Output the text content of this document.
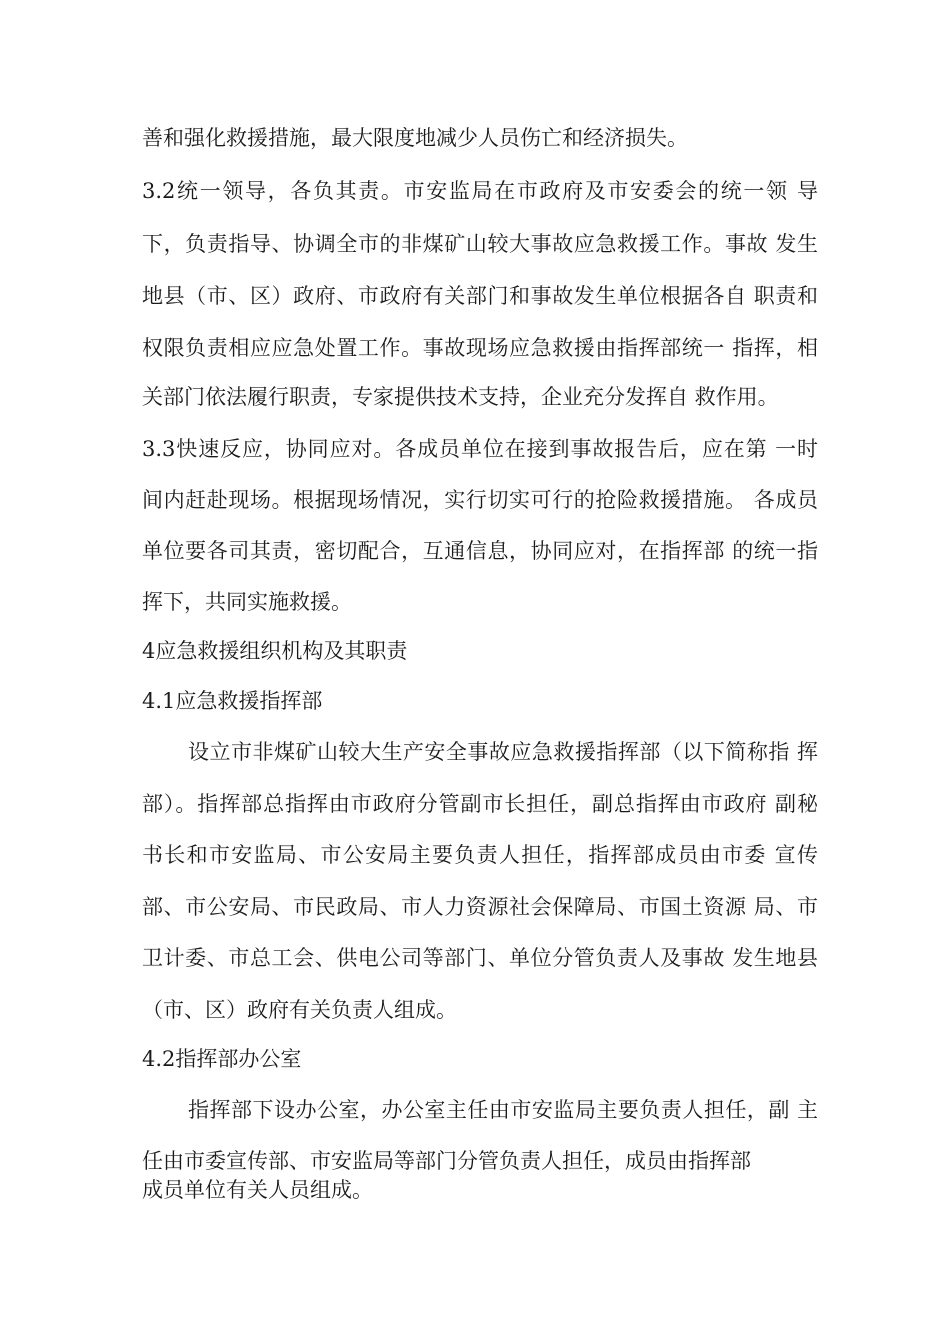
善和强化救援措施，最大限度地减少人员伤亡和经济损失。

3.2统一领导，各负其责。市安监局在市政府及市安委会的统一领 导

下，负责指导、协调全市的非煤矿山较大事故应急救援工作。事故 发生

地县（市、区）政府、市政府有关部门和事故发生单位根据各自 职责和

权限负责相应应急处置工作。事故现场应急救援由指挥部统一 指挥，相

关部门依法履行职责，专家提供技术支持，企业充分发挥自 救作用。

3.3快速反应，协同应对。各成员单位在接到事故报告后，应在第 一时

间内赶赴现场。根据现场情况，实行切实可行的抢险救援措施。 各成员

单位要各司其责，密切配合，互通信息，协同应对，在指挥部 的统一指

挥下，共同实施救援。

4应急救援组织机构及其职责

4.1应急救援指挥部

设立市非煤矿山较大生产安全事故应急救援指挥部（以下简称指 挥

部）。指挥部总指挥由市政府分管副市长担任，副总指挥由市政府 副秘

书长和市安监局、市公安局主要负责人担任，指挥部成员由市委 宣传

部、市公安局、市民政局、市人力资源社会保障局、市国土资源 局、市

卫计委、市总工会、供电公司等部门、单位分管负责人及事故 发生地县

（市、区）政府有关负责人组成。

4.2指挥部办公室

指挥部下设办公室，办公室主任由市安监局主要负责人担任，副 主

任由市委宣传部、市安监局等部门分管负责人担任，成员由指挥部

成员单位有关人员组成。
